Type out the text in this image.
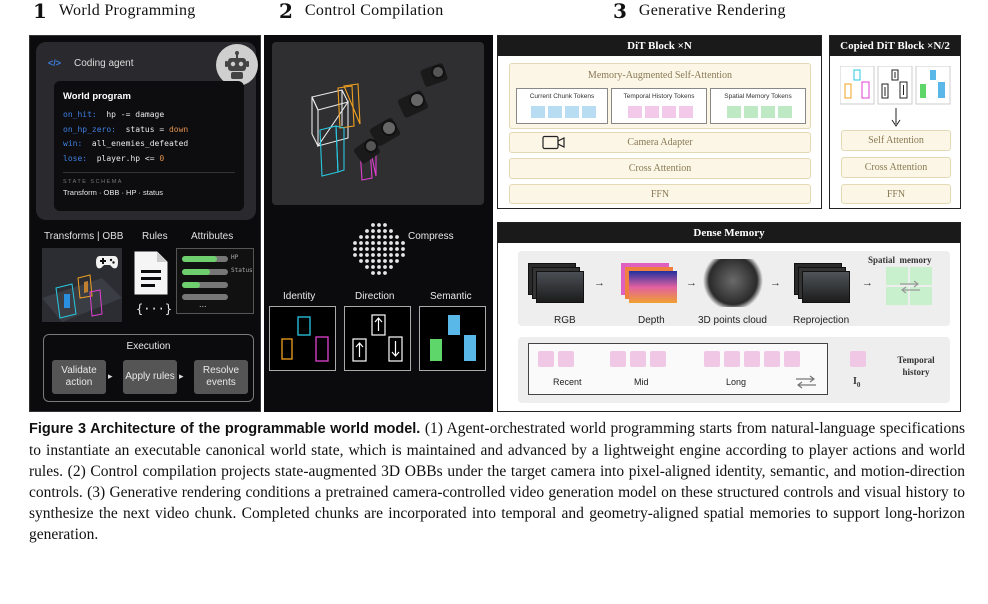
1 World Programming	2 Control Compilation	3 Generative Rendering
</> Coding agent
World program
on_hit:  hp -= damage
on_hp_zero:  status = down
win:  all_enemies_defeated
lose:  player.hp <= 0
STATE SCHEMA
Transform · OBB · HP · status
Transforms | OBB Rules Attributes
{···}
HP
Status
...
Execution
Validate action
▸ Apply rules ▸	Resolve events
Compress
Identity	Direction	Semantic
DiT Block ×N
Memory-Augmented Self-Attention
Current Chunk Tokens	Temporal History Tokens	Spatial Memory Tokens
Camera Adapter
Cross Attention
FFN
Copied DiT Block ×N/2
Self Attention
Cross Attention
FFN
Dense Memory
RGB
→
Depth
→
3D points cloud
→
Reprojection
→
Spatial  memory
Recent	Mid	Long	$I_0$
Temporal history
Figure 3 Architecture of the programmable world model. (1) Agent-orchestrated world programming starts from natural-language specifications to instantiate an executable canonical world state, which is maintained and advanced by a lightweight engine according to player actions and world rules. (2) Control compilation projects state-augmented 3D OBBs under the target camera into pixel-aligned identity, semantic, and motion-direction controls. (3) Generative rendering conditions a pretrained camera-controlled video generation model on these structured controls and visual history to synthesize the next video chunk. Completed chunks are incorporated into temporal and geometry-aligned spatial memories to support long-horizon generation.
